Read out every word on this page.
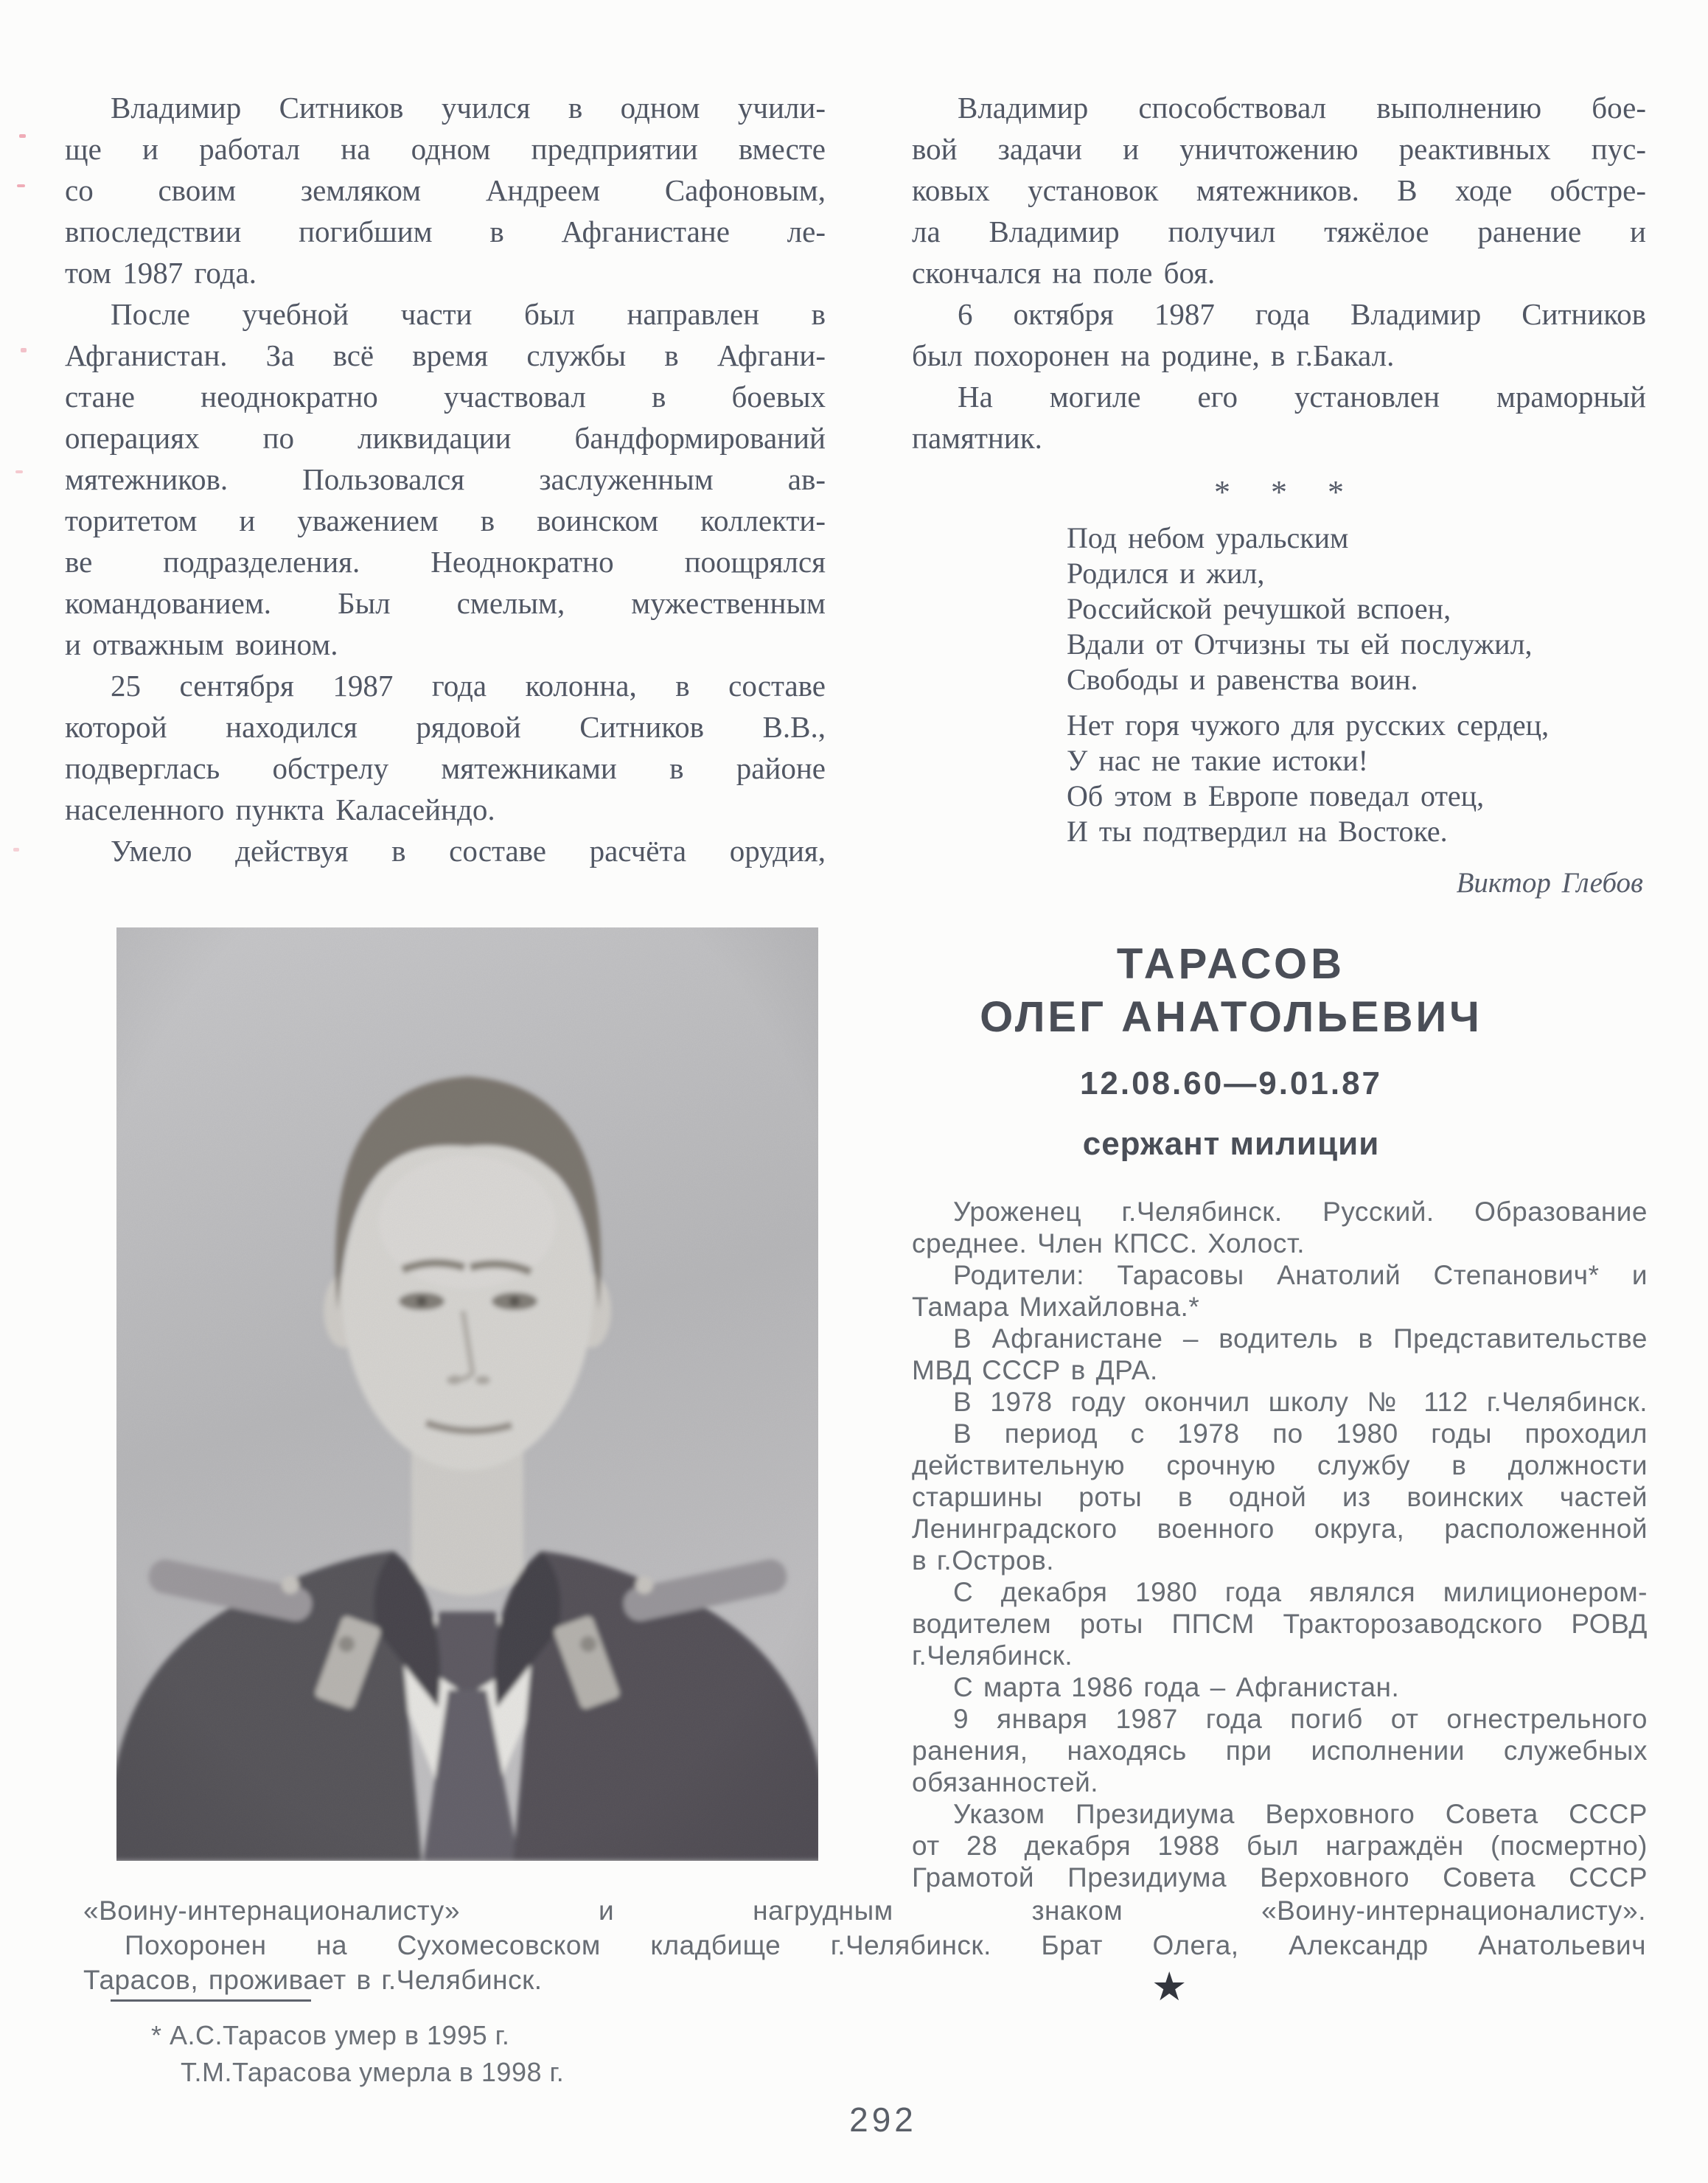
Владимир Ситников учился в одном учили-
ще и работал на одном предприятии вместе
со своим земляком Андреем Сафоновым,
впоследствии погибшим в Афганистане ле-
том 1987 года.
После учебной части был направлен в
Афганистан. За всё время службы в Афгани-
стане неоднократно участвовал в боевых
операциях по ликвидации бандформирований
мятежников. Пользовался заслуженным ав-
торитетом и уважением в воинском коллекти-
ве подразделения. Неоднократно поощрялся
командованием. Был смелым, мужественным
и отважным воином.
25 сентября 1987 года колонна, в составе
которой находился рядовой Ситников В.В.,
подверглась обстрелу мятежниками в районе
населенного пункта Каласейндо.
Умело действуя в составе расчёта орудия,
Владимир способствовал выполнению бое-
вой задачи и уничтожению реактивных пус-
ковых установок мятежников. В ходе обстре-
ла Владимир получил тяжёлое ранение и
скончался на поле боя.
6 октября 1987 года Владимир Ситников
был похоронен на родине, в г.Бакал.
На могиле его установлен мраморный
памятник.
* * *
Под небом уральским
Родился и жил,
Российской речушкой вспоен,
Вдали от Отчизны ты ей послужил,
Свободы и равенства воин.
Нет горя чужого для русских сердец,
У нас не такие истоки!
Об этом в Европе поведал отец,
И ты подтвердил на Востоке.
Виктор Глебов
ТАРАСОВ
ОЛЕГ АНАТОЛЬЕВИЧ
12.08.60—9.01.87
сержант милиции
Уроженец г.Челябинск. Русский. Образование
среднее. Член КПСС. Холост.
Родители: Тарасовы Анатолий Степанович* и
Тамара Михайловна.*
В Афганистане – водитель в Представительстве
МВД СССР в ДРА.
В 1978 году окончил школу № 112 г.Челябинск.
В период с 1978 по 1980 годы проходил
действительную срочную службу в должности
старшины роты в одной из воинских частей
Ленинградского военного округа, расположенной
в г.Остров.
С декабря 1980 года являлся милиционером-
водителем роты ППСМ Тракторозаводского РОВД
г.Челябинск.
С марта 1986 года – Афганистан.
9 января 1987 года погиб от огнестрельного
ранения, находясь при исполнении служебных
обязанностей.
Указом Президиума Верховного Совета СССР
от 28 декабря 1988 был награждён (посмертно)
Грамотой Президиума Верховного Совета СССР
«Воину-интернационалисту» и нагрудным знаком «Воину-интернационалисту».
Похоронен на Сухомесовском кладбище г.Челябинск. Брат Олега, Александр Анатольевич
Тарасов, проживает в г.Челябинск.
* А.С.Тарасов умер в 1995 г.
Т.М.Тарасова умерла в 1998 г.
★
292
